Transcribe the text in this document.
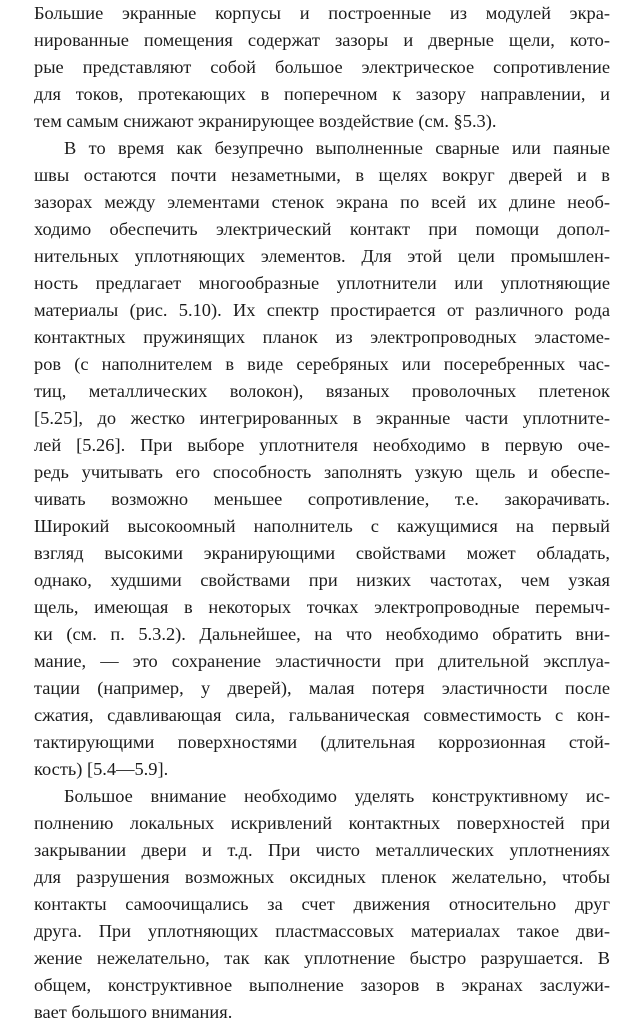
Большие экранные корпусы и построенные из модулей экра-
нированные помещения содержат зазоры и дверные щели, кото-
рые представляют собой большое электрическое сопротивление
для токов, протекающих в поперечном к зазору направлении, и
тем самым снижают экранирующее воздействие (см. §5.3).
В то время как безупречно выполненные сварные или паяные
швы остаются почти незаметными, в щелях вокруг дверей и в
зазорах между элементами стенок экрана по всей их длине необ-
ходимо обеспечить электрический контакт при помощи допол-
нительных уплотняющих элементов. Для этой цели промышлен-
ность предлагает многообразные уплотнители или уплотняющие
материалы (рис. 5.10). Их спектр простирается от различного рода
контактных пружинящих планок из электропроводных эластоме-
ров (с наполнителем в виде серебряных или посеребренных час-
тиц, металлических волокон), вязаных проволочных плетенок
[5.25], до жестко интегрированных в экранные части уплотните-
лей [5.26]. При выборе уплотнителя необходимо в первую оче-
редь учитывать его способность заполнять узкую щель и обеспе-
чивать возможно меньшее сопротивление, т.е. закорачивать.
Широкий высокоомный наполнитель с кажущимися на первый
взгляд высокими экранирующими свойствами может обладать,
однако, худшими свойствами при низких частотах, чем узкая
щель, имеющая в некоторых точках электропроводные перемыч-
ки (см. п. 5.3.2). Дальнейшее, на что необходимо обратить вни-
мание, — это сохранение эластичности при длительной эксплуа-
тации (например, у дверей), малая потеря эластичности после
сжатия, сдавливающая сила, гальваническая совместимость с кон-
тактирующими поверхностями (длительная коррозионная стой-
кость) [5.4—5.9].
Большое внимание необходимо уделять конструктивному ис-
полнению локальных искривлений контактных поверхностей при
закрывании двери и т.д. При чисто металлических уплотнениях
для разрушения возможных оксидных пленок желательно, чтобы
контакты самоочищались за счет движения относительно друг
друга. При уплотняющих пластмассовых материалах такое дви-
жение нежелательно, так как уплотнение быстро разрушается. В
общем, конструктивное выполнение зазоров в экранах заслужи-
вает большого внимания.
